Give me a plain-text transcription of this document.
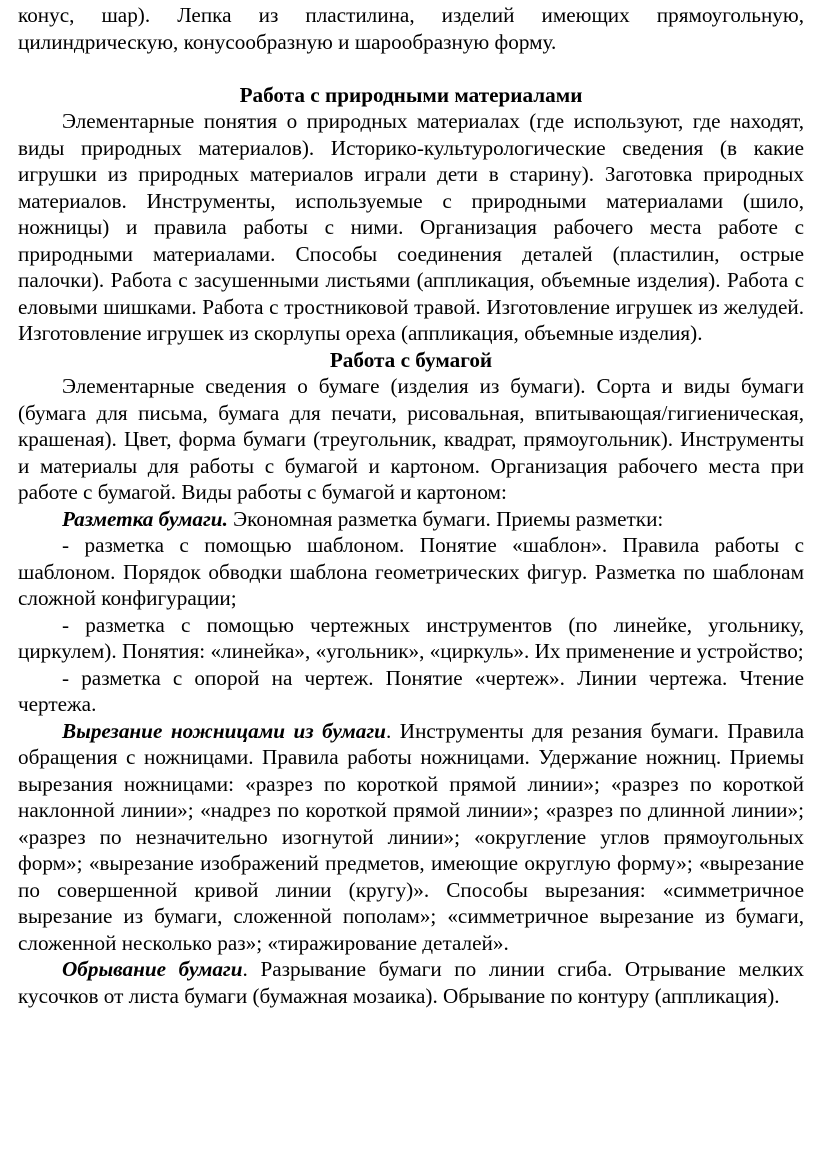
конус, шар). Лепка из пластилина, изделий имеющих прямоугольную, цилиндрическую, конусообразную и шарообразную форму.

Работа с природными материалами

Элементарные понятия о природных материалах (где используют, где находят, виды природных материалов). Историко-культурологические сведения (в какие игрушки из природных материалов играли дети в старину). Заготовка природных материалов. Инструменты, используемые с природными материалами (шило, ножницы) и правила работы с ними. Организация рабочего места работе с природными материалами. Способы соединения деталей (пластилин, острые палочки). Работа с засушенными листьями (аппликация, объемные изделия). Работа с еловыми шишками. Работа с тростниковой травой. Изготовление игрушек из желудей. Изготовление игрушек из скорлупы ореха (аппликация, объемные изделия).

Работа с бумагой

Элементарные сведения о бумаге (изделия из бумаги). Сорта и виды бумаги (бумага для письма, бумага для печати, рисовальная, впитывающая/гигиеническая, крашеная). Цвет, форма бумаги (треугольник, квадрат, прямоугольник). Инструменты и материалы для работы с бумагой и картоном. Организация рабочего места при работе с бумагой. Виды работы с бумагой и картоном:

Разметка бумаги. Экономная разметка бумаги. Приемы разметки:

- разметка с помощью шаблоном. Понятие «шаблон». Правила работы с шаблоном. Порядок обводки шаблона геометрических фигур. Разметка по шаблонам сложной конфигурации;

- разметка с помощью чертежных инструментов (по линейке, угольнику, циркулем). Понятия: «линейка», «угольник», «циркуль». Их применение и устройство;

- разметка с опорой на чертеж. Понятие «чертеж». Линии чертежа. Чтение чертежа.

Вырезание ножницами из бумаги. Инструменты для резания бумаги. Правила обращения с ножницами. Правила работы ножницами. Удержание ножниц. Приемы вырезания ножницами: «разрез по короткой прямой линии»; «разрез по короткой наклонной линии»; «надрез по короткой прямой линии»; «разрез по длинной линии»; «разрез по незначительно изогнутой линии»; «округление углов прямоугольных форм»; «вырезание изображений предметов, имеющие округлую форму»; «вырезание по совершенной кривой линии (кругу)». Способы вырезания: «симметричное вырезание из бумаги, сложенной пополам»; «симметричное вырезание из бумаги, сложенной несколько раз»; «тиражирование деталей».

Обрывание бумаги. Разрывание бумаги по линии сгиба. Отрывание мелких кусочков от листа бумаги (бумажная мозаика). Обрывание по контуру (аппликация).
